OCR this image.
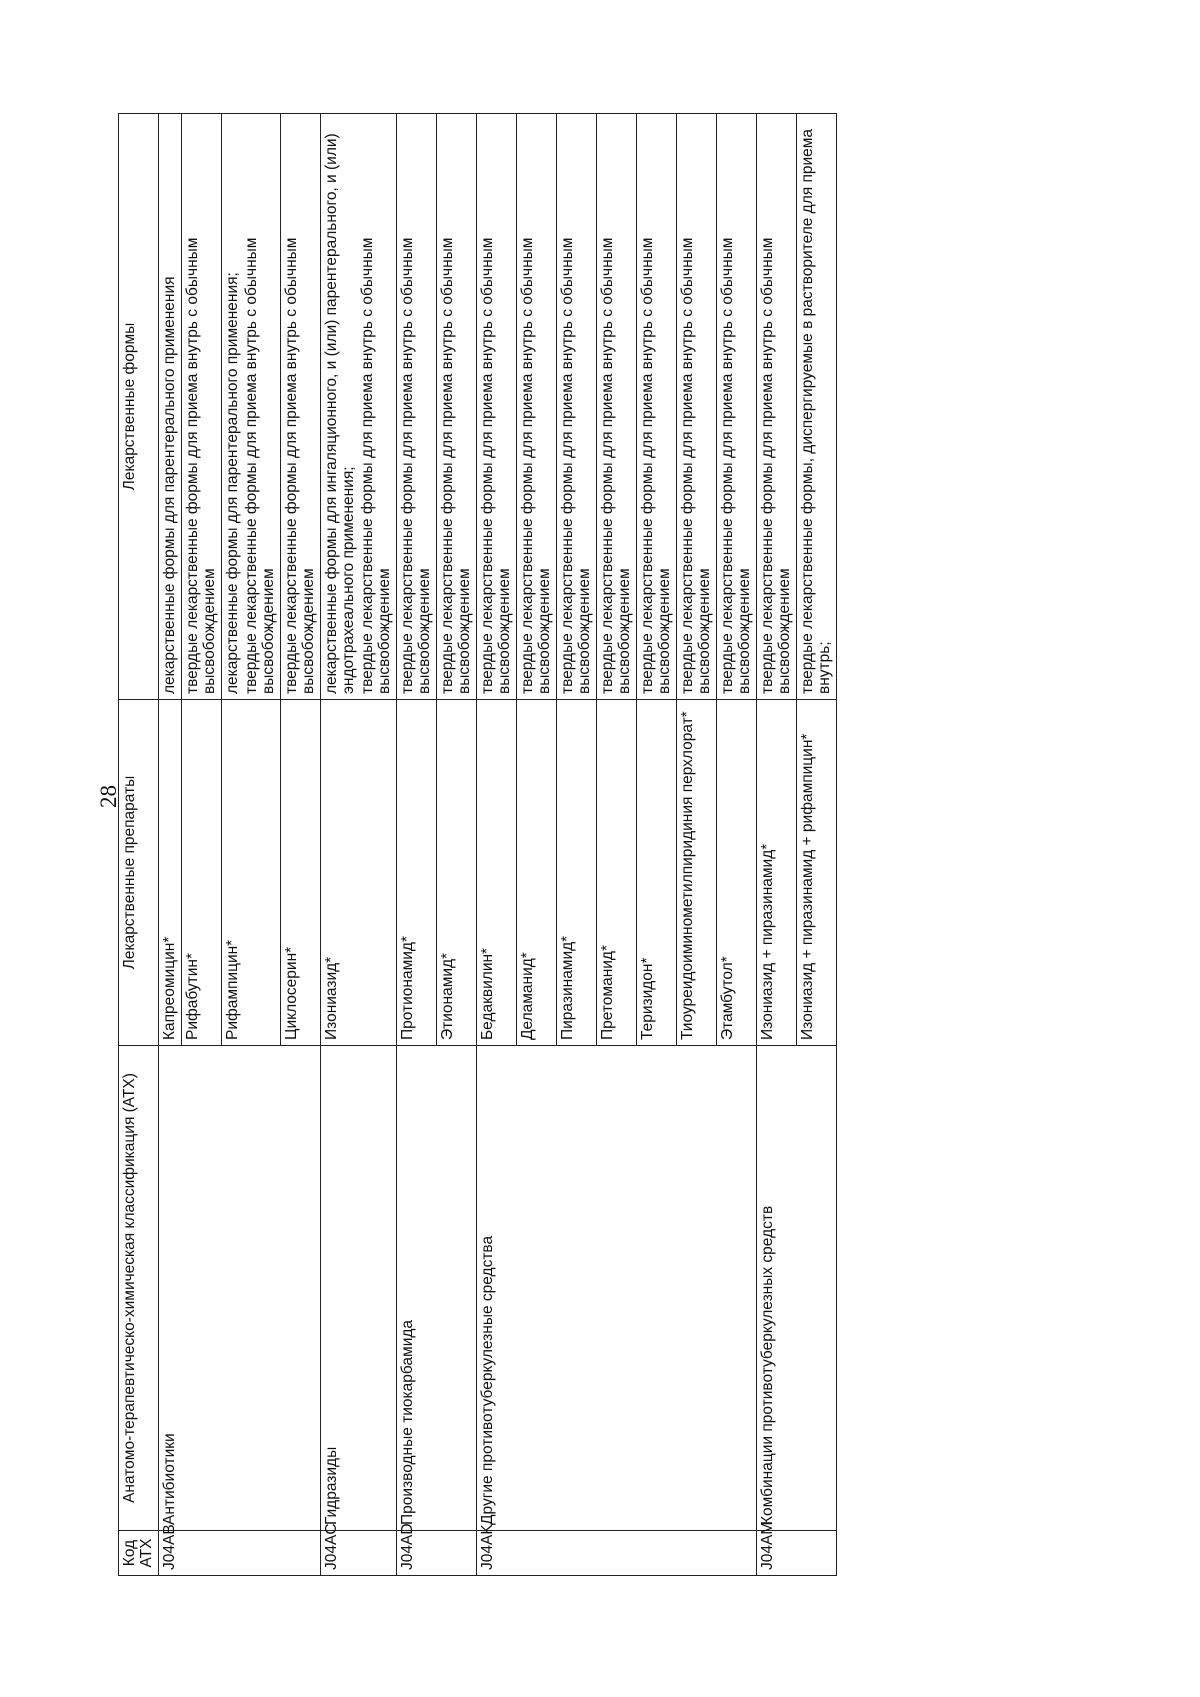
28
Код АТХ	Анатомо-терапевтическо-химическая классификация (АТХ)	Лекарственные препараты	Лекарственные формы
J04AB	Антибиотики	Капреомицин*	лекарственные формы для парентерального применения

		Рифабутин*	твердые лекарственные формы для приема внутрь с обычным высвобождением

		Рифампицин*	лекарственные формы для парентерального применения; твердые лекарственные формы для приема внутрь с обычным высвобождением

		Циклосерин*	твердые лекарственные формы для приема внутрь с обычным высвобождением

J04AC	Гидразиды	Изониазид*	лекарственные формы для ингаляционного, и (или) парентерального, и (или) эндотрахеального применения; твердые лекарственные формы для приема внутрь с обычным высвобождением

J04AD	Производные тиокарбамида	Протионамид*	твердые лекарственные формы для приема внутрь с обычным высвобождением

		Этионамид*	твердые лекарственные формы для приема внутрь с обычным высвобождением

J04AK	Другие противотуберкулезные средства	Бедаквилин*	твердые лекарственные формы для приема внутрь с обычным высвобождением

		Деламанид*	твердые лекарственные формы для приема внутрь с обычным высвобождением

		Пиразинамид*	твердые лекарственные формы для приема внутрь с обычным высвобождением

		Претоманид*	твердые лекарственные формы для приема внутрь с обычным высвобождением

		Теризидон*	твердые лекарственные формы для приема внутрь с обычным высвобождением

		Тиоуреидоиминометилпиридиния перхлорат*	твердые лекарственные формы для приема внутрь с обычным высвобождением

		Этамбутол*	твердые лекарственные формы для приема внутрь с обычным высвобождением

J04AM	Комбинации противотуберкулезных средств	Изониазид + пиразинамид*	твердые лекарственные формы для приема внутрь с обычным высвобождением

		Изониазид + пиразинамид + рифампицин*	твердые лекарственные формы, диспергируемые в растворителе для приема внутрь;
